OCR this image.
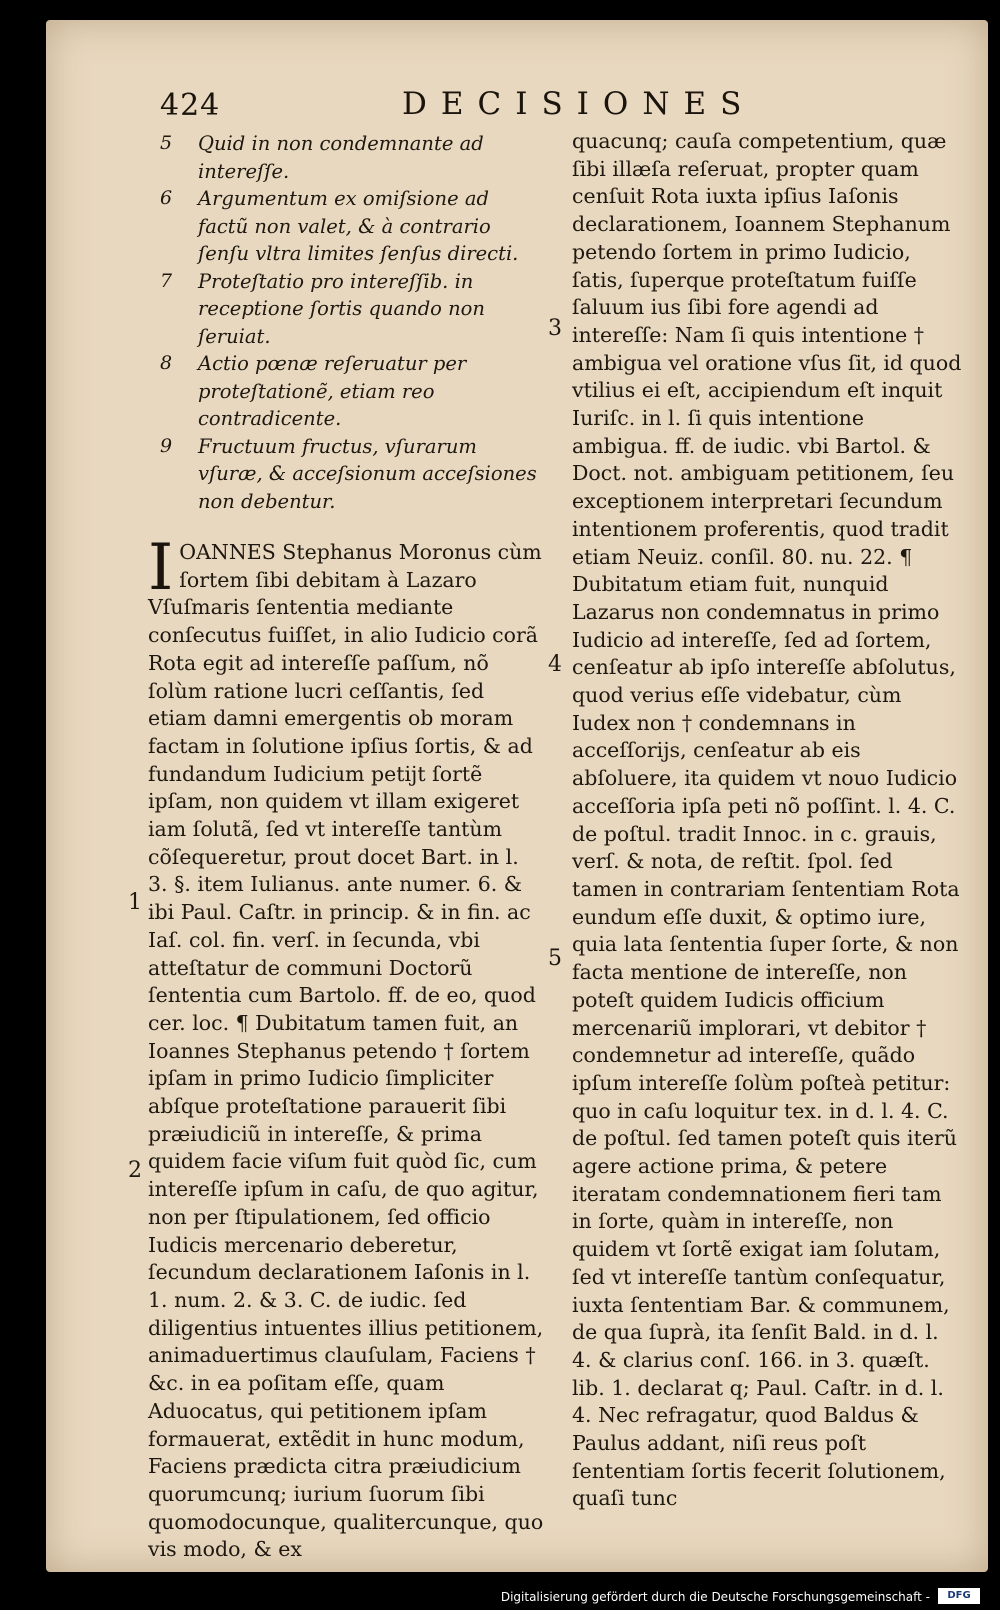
424	DECISIONES

5 Quid in non condemnante ad intereſſe.

6 Argumentum ex omiſsione ad factũ non valet, & à contrario ſenſu vltra limites ſenſus directi.

7 Proteſtatio pro intereſſib. in receptione ſortis quando non ſeruiat.

8 Actio pœnæ reſeruatur per proteſtationẽ, etiam reo contradicente.

9 Fructuum fructus, vſurarum vſuræ, & acceſsionum acceſsiones non debentur.

I OANNES Stephanus Moronus cùm ſortem ſibi debitam à Lazaro Vſuſmaris ſententia mediante conſecutus fuiſſet, in alio Iudicio corã Rota egit ad intereſſe paſſum, nõ ſolùm ratione lucri ceſſantis, ſed etiam damni emergentis ob moram factam in ſolutione ipſius ſortis, & ad fundandum Iudicium petijt ſortẽ ipſam, non quidem vt illam exigeret iam ſolutã, ſed vt intereſſe tantùm cõſequeretur, prout docet Bart. in l. 3. §. item Iulianus. ante numer. 6. & ibi Paul. Caſtr. in princip. & in fin. ac Iaſ. col. fin. verſ. in ſecunda, vbi atteſtatur de communi Doctorũ ſententia cum Bartolo. ff. de eo, quod cer. loc. ¶ Dubitatum tamen fuit, an Ioannes Stephanus petendo † ſortem ipſam in primo Iudicio ſimpliciter abſque proteſtatione parauerit ſibi præiudiciũ in intereſſe, & prima quidem facie viſum fuit quòd ſic, cum intereſſe ipſum in caſu, de quo agitur, non per ſtipulationem, ſed officio Iudicis mercenario deberetur, ſecundum declarationem Iaſonis in l. 1. num. 2. & 3. C. de iudic. ſed diligentius intuentes illius petitionem, animaduertimus clauſulam, Faciens † &c. in ea poſitam eſſe, quam Aduocatus, qui petitionem ipſam formauerat, extẽdit in hunc modum, Faciens prædicta citra præiudicium quorumcunq; iurium ſuorum ſibi quomodocunque, qualitercunque, quo vis modo, & ex

1
2

quacunq; cauſa competentium, quæ ſibi illæſa reſeruat, propter quam cenſuit Rota iuxta ipſius Iaſonis declarationem, Ioannem Stephanum petendo ſortem in primo Iudicio, ſatis, ſuperque proteſtatum fuiſſe ſaluum ius ſibi fore agendi ad intereſſe: Nam ſi quis intentione † ambigua vel oratione vſus ſit, id quod vtilius ei eſt, accipiendum eſt inquit Iuriſc. in l. ſi quis intentione ambigua. ff. de iudic. vbi Bartol. & Doct. not. ambiguam petitionem, ſeu exceptionem interpretari ſecundum intentionem proferentis, quod tradit etiam Neuiz. conſil. 80. nu. 22. ¶ Dubitatum etiam fuit, nunquid Lazarus non condemnatus in primo Iudicio ad intereſſe, ſed ad ſortem, cenſeatur ab ipſo intereſſe abſolutus, quod verius eſſe videbatur, cùm Iudex non † condemnans in acceſſorijs, cenſeatur ab eis abſoluere, ita quidem vt nouo Iudicio acceſſoria ipſa peti nõ poſſint. l. 4. C. de poſtul. tradit Innoc. in c. grauis, verſ. & nota, de reſtit. ſpol. ſed tamen in contrariam ſententiam Rota eundum eſſe duxit, & optimo iure, quia lata ſententia ſuper ſorte, & non facta mentione de intereſſe, non poteſt quidem Iudicis officium mercenariũ implorari, vt debitor † condemnetur ad intereſſe, quãdo ipſum intereſſe ſolùm poſteà petitur: quo in caſu loquitur tex. in d. l. 4. C. de poſtul. ſed tamen poteſt quis iterũ agere actione prima, & petere iteratam condemnationem fieri tam in ſorte, quàm in intereſſe, non quidem vt ſortẽ exigat iam ſolutam, ſed vt intereſſe tantùm conſequatur, iuxta ſententiam Bar. & communem, de qua ſuprà, ita ſenſit Bald. in d. l. 4. & clarius conſ. 166. in 3. quæſt. lib. 1. declarat q; Paul. Caſtr. in d. l. 4. Nec refragatur, quod Baldus & Paulus addant, niſi reus poſt ſententiam ſortis fecerit ſolutionem, quaſi tunc

3
4
5
Digitalisierung gefördert durch die Deutsche Forschungsgemeinschaft -	DFG
